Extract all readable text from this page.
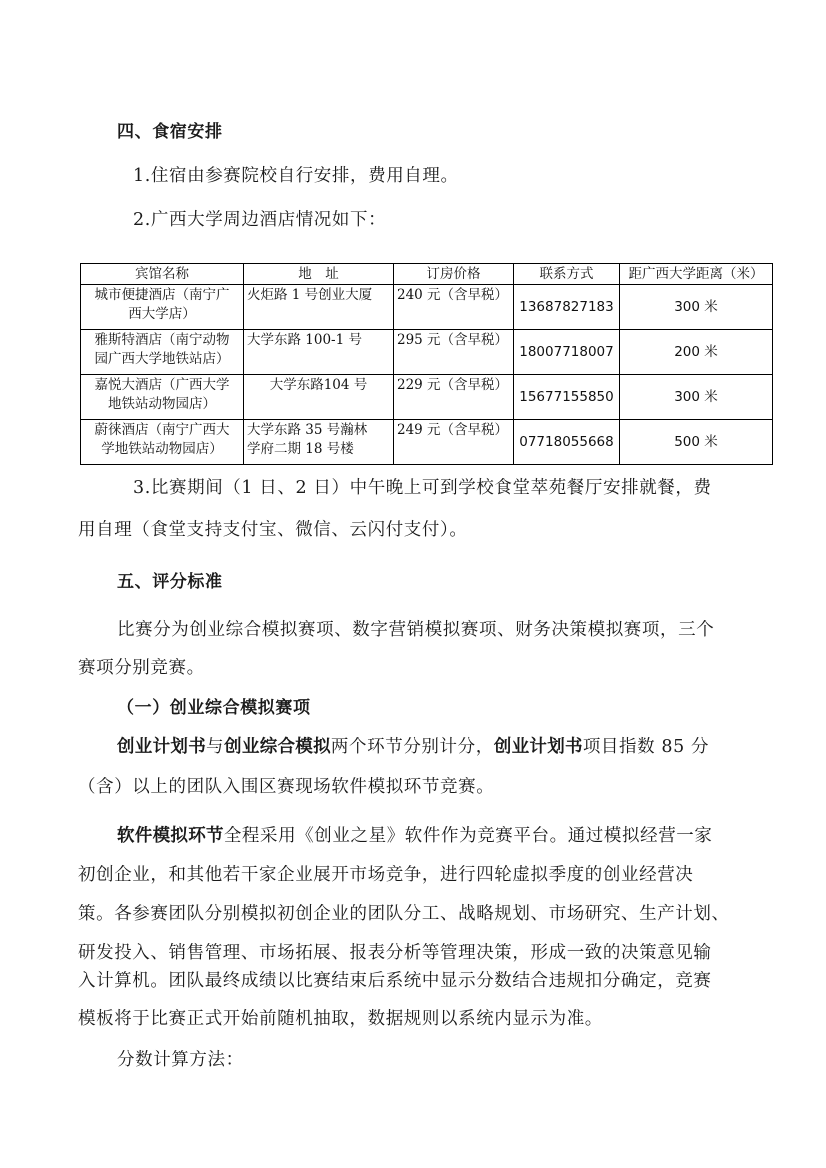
四、食宿安排
1.住宿由参赛院校自行安排，费用自理。
2.广西大学周边酒店情况如下：
宾馆名称	地　址	订房价格	联系方式	距广西大学距离（米）
城市便捷酒店（南宁广
西大学店）	火炬路 1 号创业大厦	240 元（含早税）	13687827183	300 米
雅斯特酒店（南宁动物
园广西大学地铁站店）	大学东路 100-1 号	295 元（含早税）	18007718007	200 米
嘉悦大酒店（广西大学
地铁站动物园店）	大学东路104 号	229 元（含早税）	15677155850	300 米
蔚徕酒店（南宁广西大
学地铁站动物园店）	大学东路 35 号瀚林
学府二期 18 号楼	249 元（含早税）	07718055668	500 米
3.比赛期间（1 日、2 日）中午晚上可到学校食堂萃苑餐厅安排就餐，费
用自理（食堂支持支付宝、微信、云闪付支付）。
五、评分标准
比赛分为创业综合模拟赛项、数字营销模拟赛项、财务决策模拟赛项，三个
赛项分别竞赛。
（一）创业综合模拟赛项
创业计划书与创业综合模拟两个环节分别计分，创业计划书项目指数 85 分
（含）以上的团队入围区赛现场软件模拟环节竞赛。
软件模拟环节全程采用《创业之星》软件作为竞赛平台。通过模拟经营一家
初创企业，和其他若干家企业展开市场竞争，进行四轮虚拟季度的创业经营决
策。各参赛团队分别模拟初创企业的团队分工、战略规划、市场研究、生产计划、
研发投入、销售管理、市场拓展、报表分析等管理决策，形成一致的决策意见输
入计算机。团队最终成绩以比赛结束后系统中显示分数结合违规扣分确定，竞赛
模板将于比赛正式开始前随机抽取，数据规则以系统内显示为准。
分数计算方法：
